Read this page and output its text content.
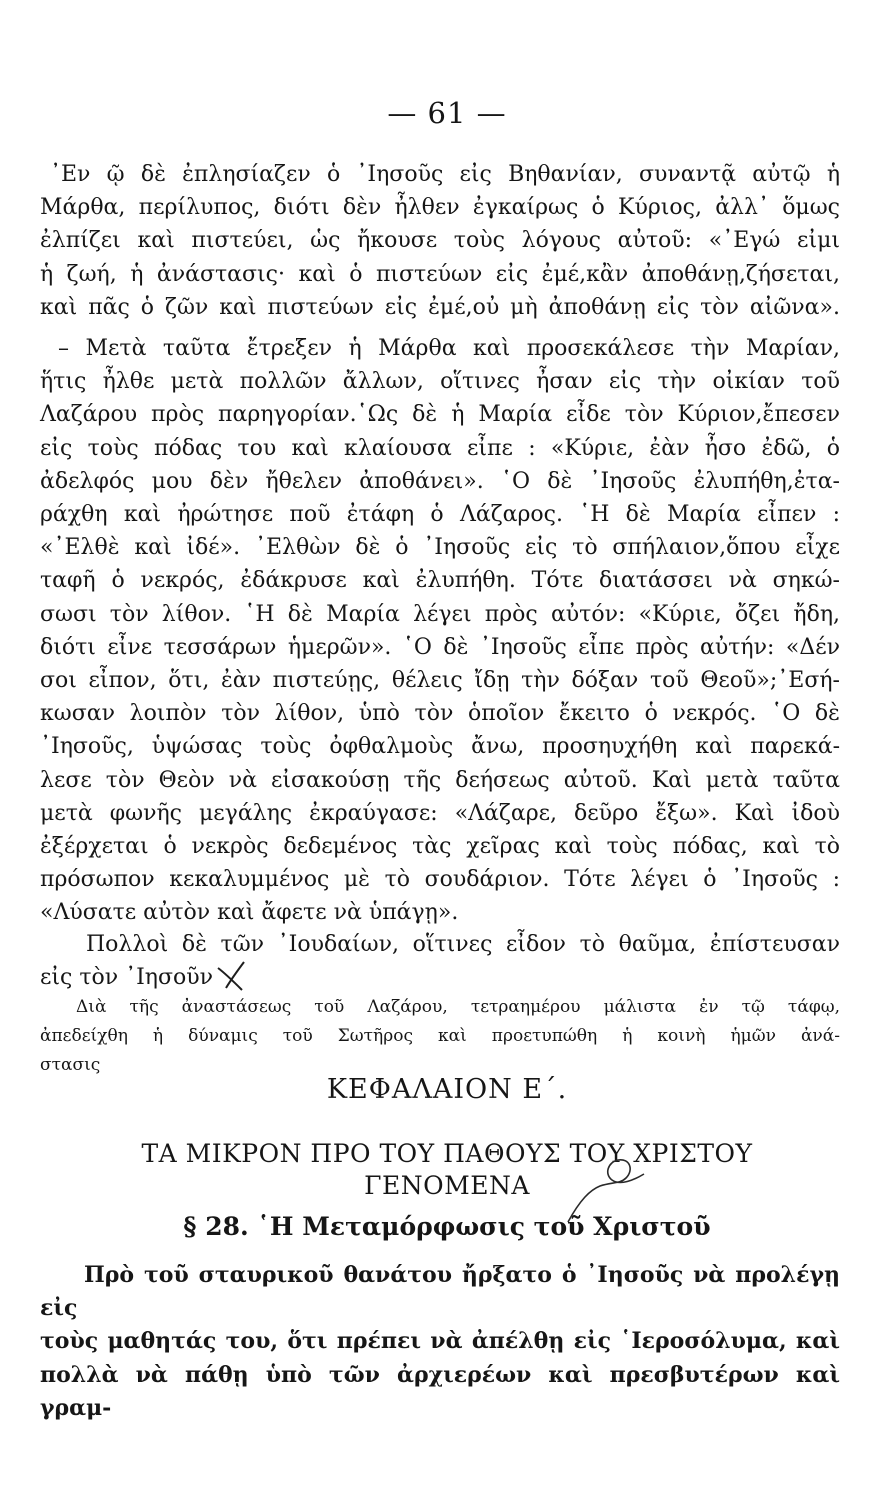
— 61 —

᾿Εν ῷ δὲ ἐπλησίαζεν ὁ ᾿Ιησοῦς εἰς Βηθανίαν, συναντᾷ αὐτῷ ἡ

Μάρθα, περίλυπος, διότι δὲν ἦλθεν ἐγκαίρως ὁ Κύριος, ἀλλ᾿ ὅμως

ἐλπίζει καὶ πιστεύει, ὡς ἤκουσε τοὺς λόγους αὐτοῦ: «᾿Εγώ εἰμι

ἡ ζωή, ἡ ἀνάστασις· καὶ ὁ πιστεύων εἰς ἐμέ,κἂν ἀποθάνῃ,ζήσεται,

καὶ πᾶς ὁ ζῶν καὶ πιστεύων εἰς ἐμέ,οὐ μὴ ἀποθάνῃ εἰς τὸν αἰῶνα».

– Μετὰ ταῦτα ἔτρεξεν ἡ Μάρθα καὶ προσεκάλεσε τὴν Μαρίαν,

ἥτις ἦλθε μετὰ πολλῶν ἄλλων, οἵτινες ἦσαν εἰς τὴν οἰκίαν τοῦ

Λαζάρου πρὸς παρηγορίαν.῾Ως δὲ ἡ Μαρία εἶδε τὸν Κύριον,ἔπεσεν

εἰς τοὺς πόδας του καὶ κλαίουσα εἶπε : «Κύριε, ἐὰν ἦσο ἐδῶ, ὁ

ἀδελφός μου δὲν ἤθελεν ἀποθάνει». ῾Ο δὲ ᾿Ιησοῦς ἐλυπήθη,ἐτα-

ράχθη καὶ ἠρώτησε ποῦ ἐτάφη ὁ Λάζαρος. ῾Η δὲ Μαρία εἶπεν :

«᾿Ελθὲ καὶ ἰδέ». ᾿Ελθὼν δὲ ὁ ᾿Ιησοῦς εἰς τὸ σπήλαιον,ὅπου εἶχε

ταφῆ ὁ νεκρός, ἐδάκρυσε καὶ ἐλυπήθη. Τότε διατάσσει νὰ σηκώ-

σωσι τὸν λίθον. ῾Η δὲ Μαρία λέγει πρὸς αὐτόν: «Κύριε, ὄζει ἤδη,

διότι εἶνε τεσσάρων ἡμερῶν». ῾Ο δὲ ᾿Ιησοῦς εἶπε πρὸς αὐτήν: «Δέν

σοι εἶπον, ὅτι, ἐὰν πιστεύῃς, θέλεις ἴδῃ τὴν δόξαν τοῦ Θεοῦ»;᾿Εσή-

κωσαν λοιπὸν τὸν λίθον, ὑπὸ τὸν ὁποῖον ἔκειτο ὁ νεκρός. ῾Ο δὲ

᾿Ιησοῦς, ὑψώσας τοὺς ὀφθαλμοὺς ἄνω, προσηυχήθη καὶ παρεκά-

λεσε τὸν Θεὸν νὰ εἰσακούσῃ τῆς δεήσεως αὐτοῦ. Καὶ μετὰ ταῦτα

μετὰ φωνῆς μεγάλης ἐκραύγασε: «Λάζαρε, δεῦρο ἔξω». Καὶ ἰδοὺ

ἐξέρχεται ὁ νεκρὸς δεδεμένος τὰς χεῖρας καὶ τοὺς πόδας, καὶ τὸ

πρόσωπον κεκαλυμμένος μὲ τὸ σουδάριον. Τότε λέγει ὁ ᾿Ιησοῦς :

«Λύσατε αὐτὸν καὶ ἄφετε νὰ ὑπάγῃ».

Πολλοὶ δὲ τῶν ᾿Ιουδαίων, οἵτινες εἶδον τὸ θαῦμα, ἐπίστευσαν

εἰς τὸν ᾿Ιησοῦν

Διὰ τῆς ἀναστάσεως τοῦ Λαζάρου, τετραημέρου μάλιστα ἐν τῷ τάφῳ,

ἀπεδείχθη ἡ δύναμις τοῦ Σωτῆρος καὶ προετυπώθη ἡ κοινὴ ἡμῶν ἀνά-

στασις

ΚΕΦΑΛΑΙΟΝ Ε΄.
ΤΑ ΜΙΚΡΟΝ ΠΡΟ ΤΟΥ ΠΑΘΟΥΣ ΤΟΥ ΧΡΙΣΤΟΥ
ΓΕΝΟΜΕΝΑ
§ 28. ῾Η Μεταμόρφωσις τοῦ Χριστοῦ

Πρὸ τοῦ σταυρικοῦ θανάτου ἤρξατο ὁ ᾿Ιησοῦς νὰ προλέγῃ εἰς

τοὺς μαθητάς του, ὅτι πρέπει νὰ ἀπέλθῃ εἰς ῾Ιεροσόλυμα, καὶ

πολλὰ νὰ πάθῃ ὑπὸ τῶν ἀρχιερέων καὶ πρεσβυτέρων καὶ γραμ-
